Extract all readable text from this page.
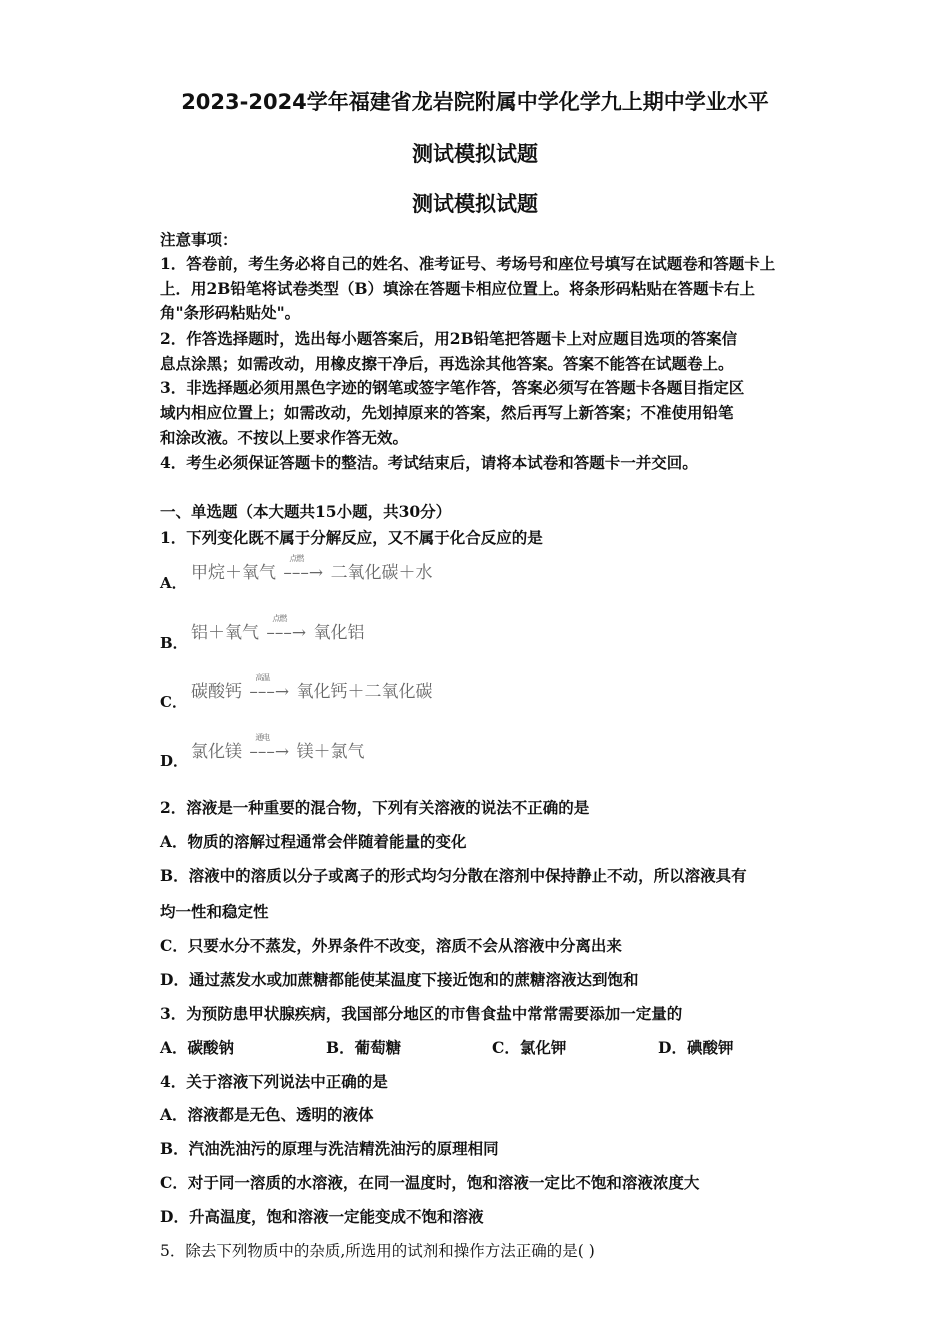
2023-2024学年福建省龙岩院附属中学化学九上期中学业水平
测试模拟试题
测试模拟试题
注意事项：
1．答卷前，考生务必将自己的姓名、准考证号、考场号和座位号填写在试题卷和答题卡上
上．用2B铅笔将试卷类型（B）填涂在答题卡相应位置上。将条形码粘贴在答题卡右上
角"条形码粘贴处"。
2．作答选择题时，选出每小题答案后，用2B铅笔把答题卡上对应题目选项的答案信
息点涂黑；如需改动，用橡皮擦干净后，再选涂其他答案。答案不能答在试题卷上。
3．非选择题必须用黑色字迹的钢笔或签字笔作答，答案必须写在答题卡各题目指定区
域内相应位置上；如需改动，先划掉原来的答案，然后再写上新答案；不准使用铅笔
和涂改液。不按以上要求作答无效。
4．考生必须保证答题卡的整洁。考试结束后，请将本试卷和答题卡一并交回。
一、单选题（本大题共15小题，共30分）
1．下列变化既不属于分解反应，又不属于化合反应的是
A． 甲烷＋氧气
点燃
–––→ 二氧化碳＋水
B． 铝＋氧气
点燃
–––→ 氧化铝
C． 碳酸钙
高温
–––→ 氧化钙＋二氧化碳
D． 氯化镁
通电
–––→ 镁＋氯气
2．溶液是一种重要的混合物，下列有关溶液的说法不正确的是
A．物质的溶解过程通常会伴随着能量的变化
B．溶液中的溶质以分子或离子的形式均匀分散在溶剂中保持静止不动，所以溶液具有
均一性和稳定性
C．只要水分不蒸发，外界条件不改变，溶质不会从溶液中分离出来
D．通过蒸发水或加蔗糖都能使某温度下接近饱和的蔗糖溶液达到饱和
3．为预防患甲状腺疾病，我国部分地区的市售食盐中常常需要添加一定量的
A．碳酸钠	B．葡萄糖	C．氯化钾	D．碘酸钾
4．关于溶液下列说法中正确的是
A．溶液都是无色、透明的液体
B．汽油洗油污的原理与洗洁精洗油污的原理相同
C．对于同一溶质的水溶液，在同一温度时，饱和溶液一定比不饱和溶液浓度大
D．升高温度，饱和溶液一定能变成不饱和溶液
5．除去下列物质中的杂质,所选用的试剂和操作方法正确的是( )
